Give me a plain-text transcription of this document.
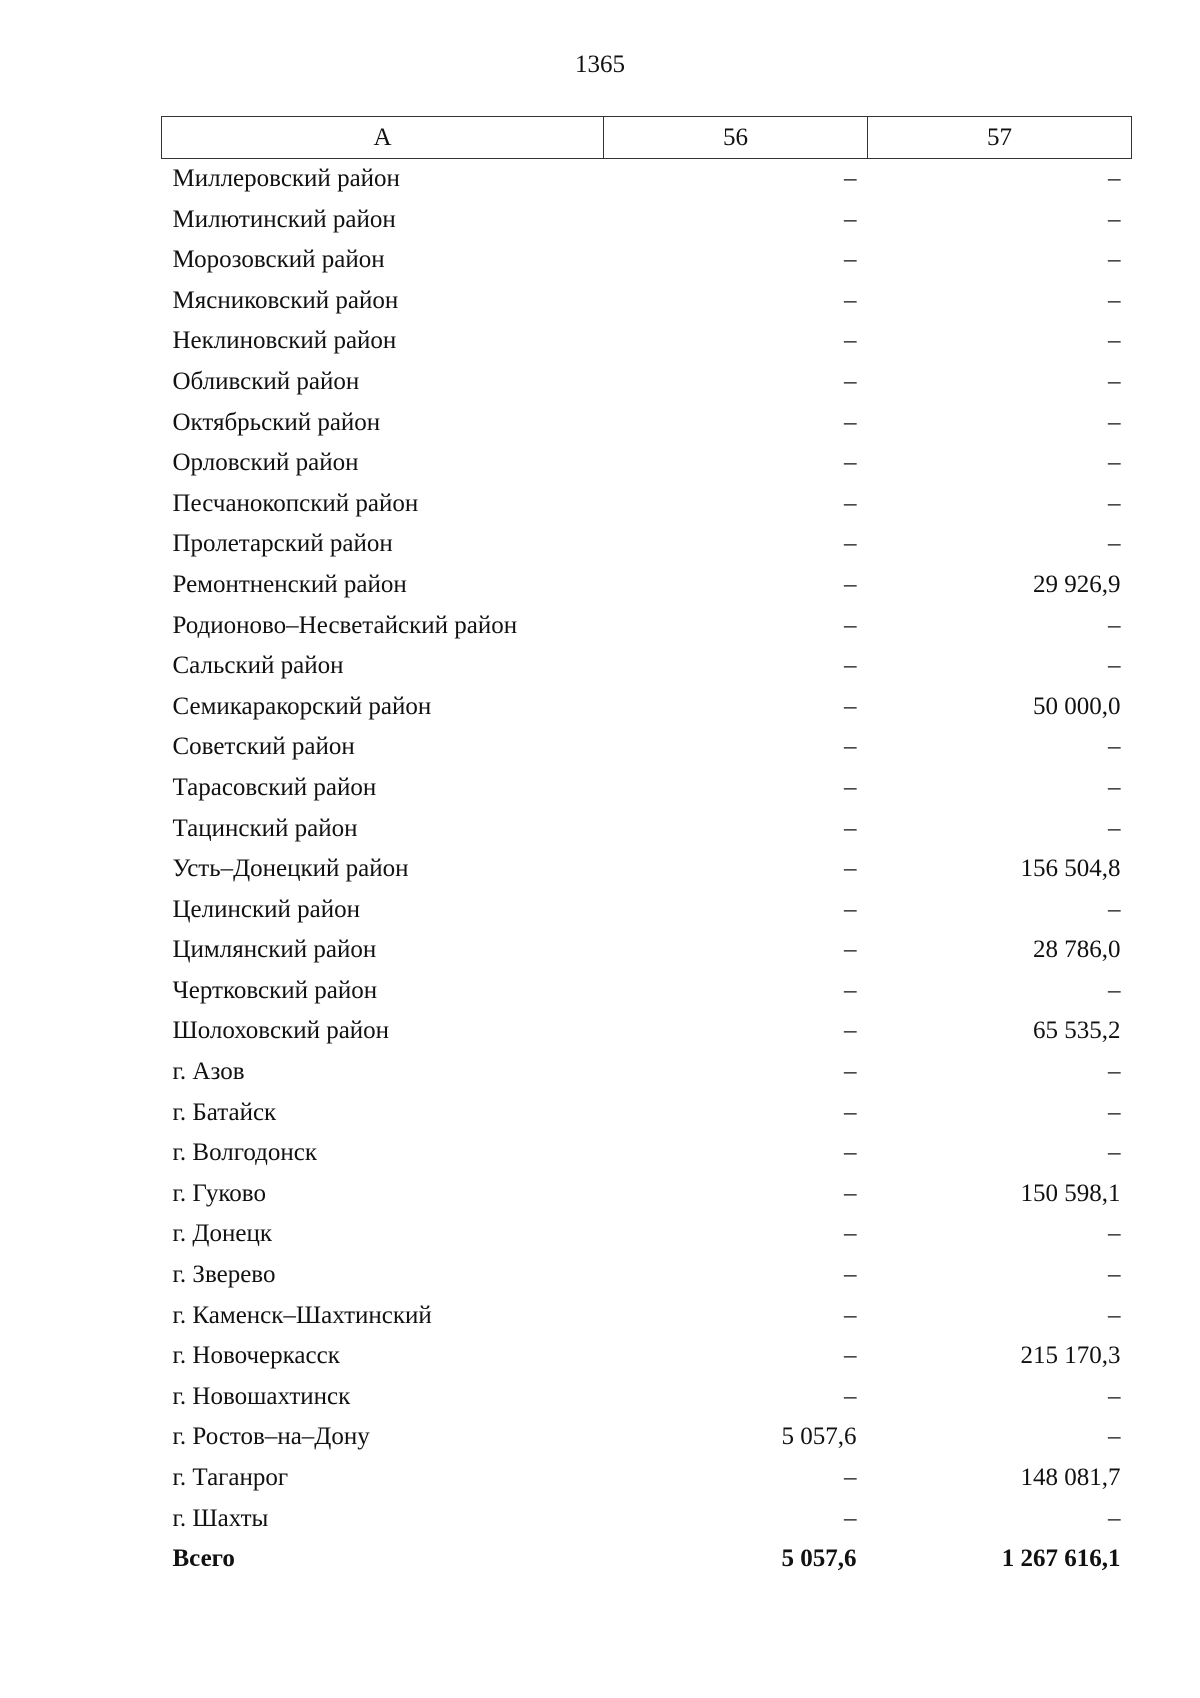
1365
А	56	57
Миллеровский район	–	–
Милютинский район	–	–
Морозовский район	–	–
Мясниковский район	–	–
Неклиновский район	–	–
Обливский район	–	–
Октябрьский район	–	–
Орловский район	–	–
Песчанокопский район	–	–
Пролетарский район	–	–
Ремонтненский район	–	29 926,9
Родионово–Несветайский район	–	–
Сальский район	–	–
Семикаракорский район	–	50 000,0
Советский район	–	–
Тарасовский район	–	–
Тацинский район	–	–
Усть–Донецкий район	–	156 504,8
Целинский район	–	–
Цимлянский район	–	28 786,0
Чертковский район	–	–
Шолоховский район	–	65 535,2
г. Азов	–	–
г. Батайск	–	–
г. Волгодонск	–	–
г. Гуково	–	150 598,1
г. Донецк	–	–
г. Зверево	–	–
г. Каменск–Шахтинский	–	–
г. Новочеркасск	–	215 170,3
г. Новошахтинск	–	–
г. Ростов–на–Дону	5 057,6	–
г. Таганрог	–	148 081,7
г. Шахты	–	–
Всего	5 057,6	1 267 616,1
